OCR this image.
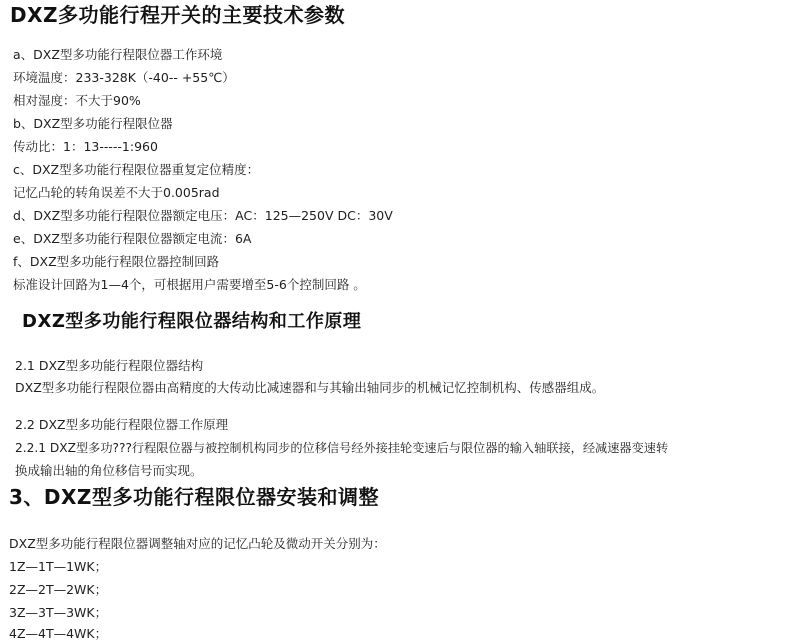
DXZ多功能行程开关的主要技术参数
a、DXZ型多功能行程限位器工作环境
环境温度：233-328K（-40-- +55℃）
相对湿度：不大于90%
b、DXZ型多功能行程限位器
传动比：1：13-----1:960
c、DXZ型多功能行程限位器重复定位精度：
记忆凸轮的转角误差不大于0.005rad
d、DXZ型多功能行程限位器额定电压：AC：125—250V DC：30V
e、DXZ型多功能行程限位器额定电流：6A
f、DXZ型多功能行程限位器控制回路
标准设计回路为1—4个，可根据用户需要增至5-6个控制回路 。
DXZ型多功能行程限位器结构和工作原理
2.1 DXZ型多功能行程限位器结构
DXZ型多功能行程限位器由高精度的大传动比减速器和与其输出轴同步的机械记忆控制机构、传感器组成。
2.2 DXZ型多功能行程限位器工作原理
2.2.1 DXZ型多功???行程限位器与被控制机构同步的位移信号经外接挂轮变速后与限位器的输入轴联接，经减速器变速转
换成输出轴的角位移信号而实现。
3、DXZ型多功能行程限位器安装和调整
DXZ型多功能行程限位器调整轴对应的记忆凸轮及微动开关分别为：
1Z—1T—1WK；
2Z—2T—2WK；
3Z—3T—3WK；
4Z—4T—4WK；
